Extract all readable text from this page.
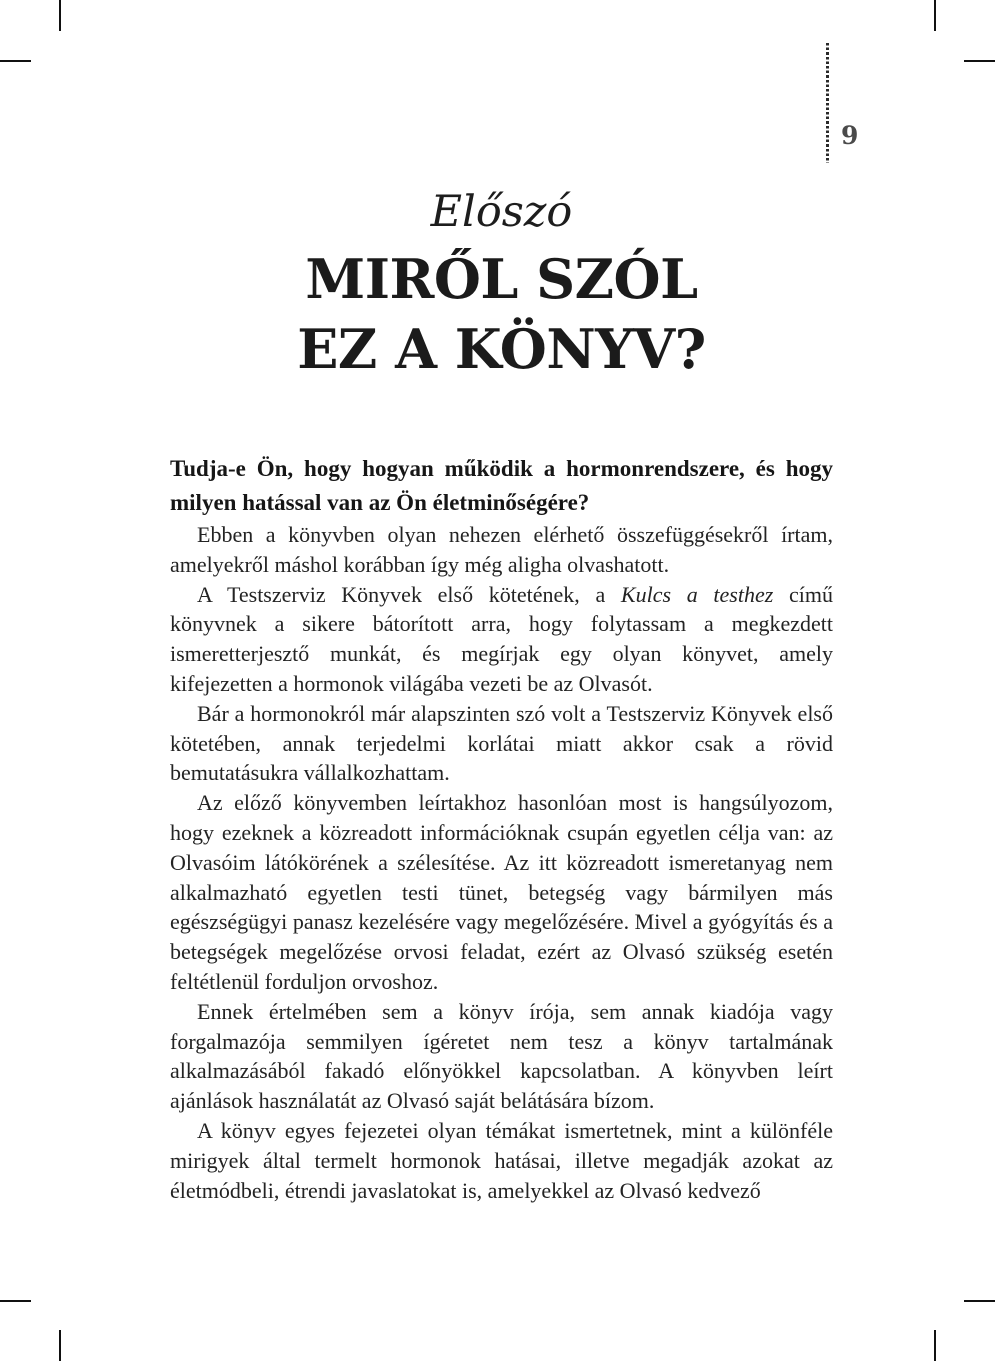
9
Előszó
MIRŐL SZÓL
EZ A KÖNYV?

Tudja-e Ön, hogy hogyan működik a hormonrendszere, és hogy milyen hatással van az Ön életminőségére?

Ebben a könyvben olyan nehezen elérhető összefüggésekről írtam, amelyekről máshol korábban így még aligha olvashatott.

A Testszerviz Könyvek első kötetének, a Kulcs a testhez című könyvnek a sikere bátorított arra, hogy folytassam a megkezdett ismeretterjesztő munkát, és megírjak egy olyan könyvet, amely kifejezetten a hormonok világába vezeti be az Olvasót.

Bár a hormonokról már alapszinten szó volt a Testszerviz Könyvek első kötetében, annak terjedelmi korlátai miatt akkor csak a rövid bemutatásukra vállalkozhattam.

Az előző könyvemben leírtakhoz hasonlóan most is hangsúlyozom, hogy ezeknek a közreadott információknak csupán egyetlen célja van: az Olvasóim látókörének a szélesítése. Az itt közreadott ismeretanyag nem alkalmazható egyetlen testi tünet, betegség vagy bármilyen más egészségügyi panasz kezelésére vagy megelőzésére. Mivel a gyógyítás és a betegségek megelőzése orvosi feladat, ezért az Olvasó szükség esetén feltétlenül forduljon orvoshoz.

Ennek értelmében sem a könyv írója, sem annak kiadója vagy forgalmazója semmilyen ígéretet nem tesz a könyv tartalmának alkalmazásából fakadó előnyökkel kapcsolatban. A könyvben leírt ajánlások használatát az Olvasó saját belátására bízom.

A könyv egyes fejezetei olyan témákat ismertetnek, mint a különféle mirigyek által termelt hormonok hatásai, illetve megadják azokat az életmódbeli, étrendi javaslatokat is, amelyekkel az Olvasó kedvező
